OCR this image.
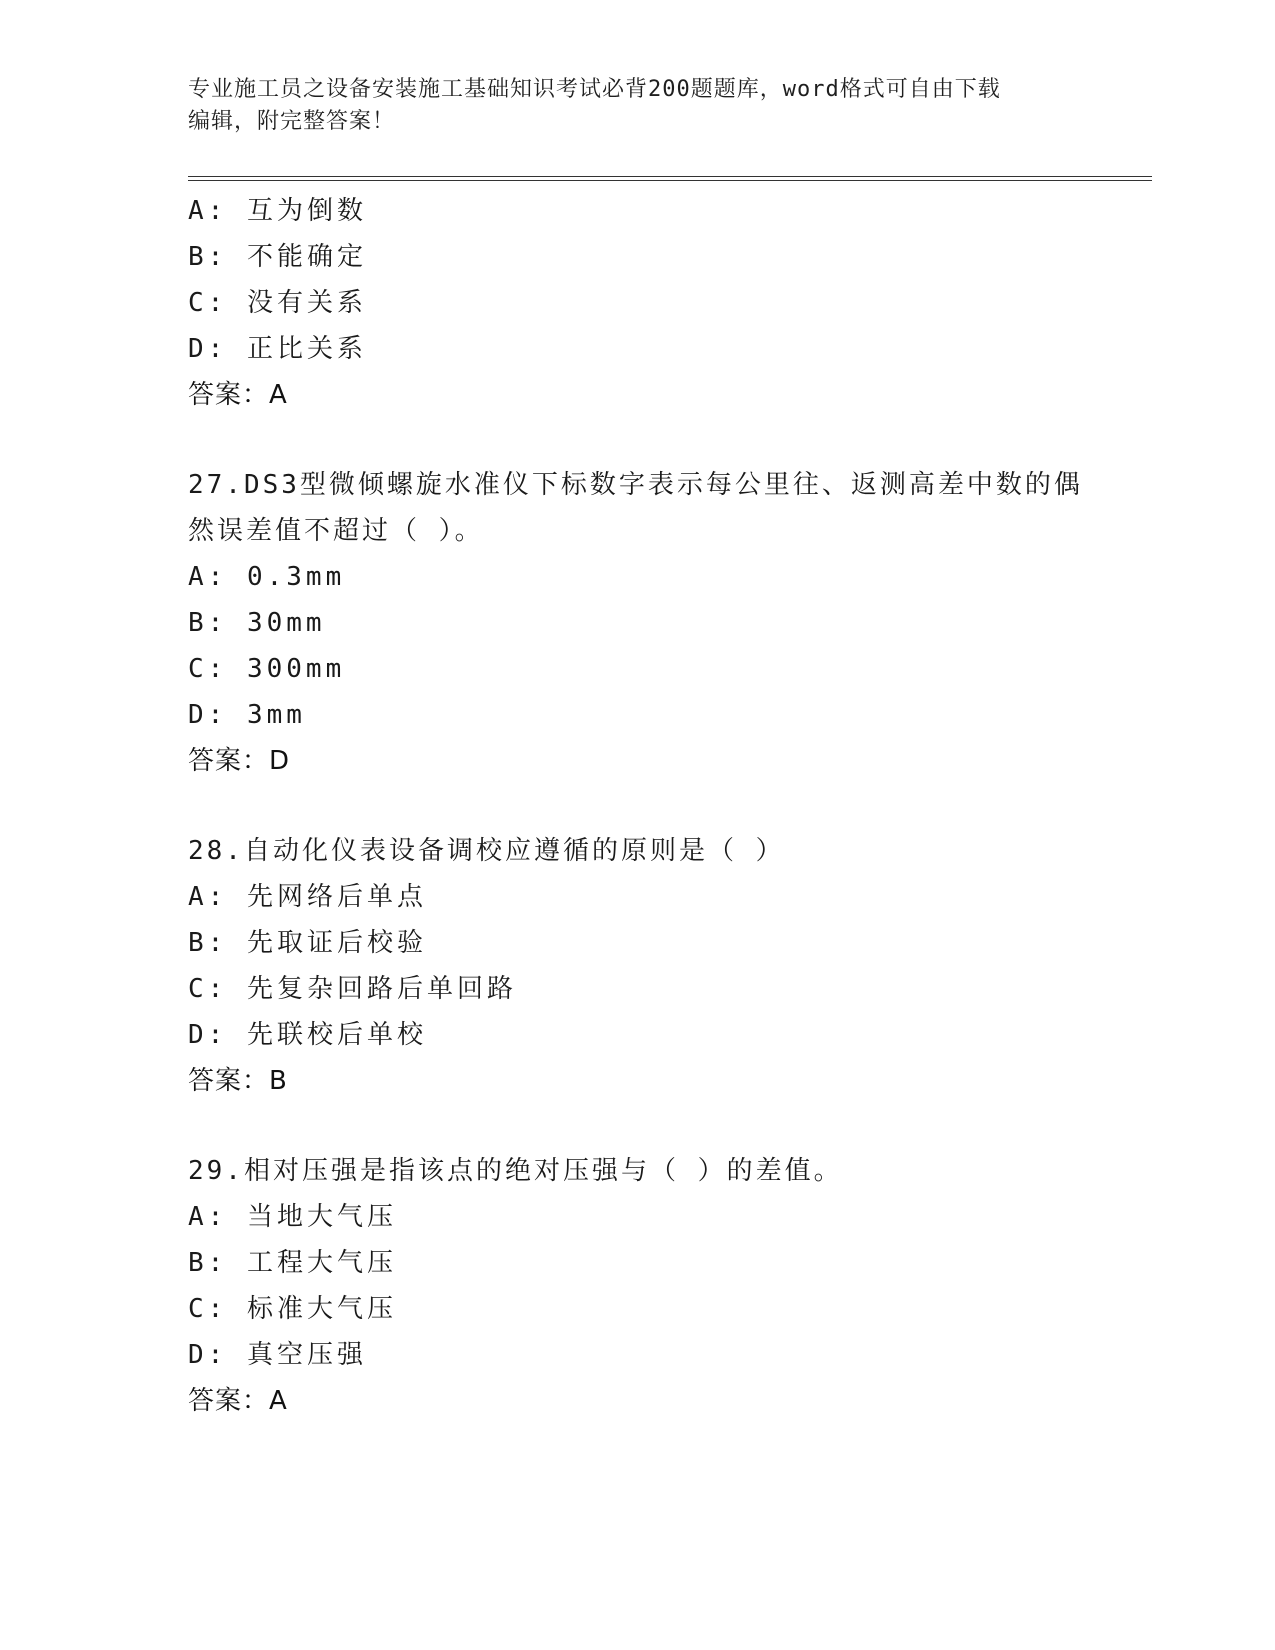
专业施工员之设备安装施工基础知识考试必背200题题库，word格式可自由下载
编辑，附完整答案！
A: 互为倒数
B: 不能确定
C: 没有关系
D: 正比关系
答案：A
27.DS3型微倾螺旋水准仪下标数字表示每公里往、返测高差中数的偶
然误差值不超过（ ）。
A: 0.3mm
B: 30mm
C: 300mm
D: 3mm
答案：D
28.自动化仪表设备调校应遵循的原则是（ ）
A: 先网络后单点
B: 先取证后校验
C: 先复杂回路后单回路
D: 先联校后单校
答案：B
29.相对压强是指该点的绝对压强与（ ）的差值。
A: 当地大气压
B: 工程大气压
C: 标准大气压
D: 真空压强
答案：A
